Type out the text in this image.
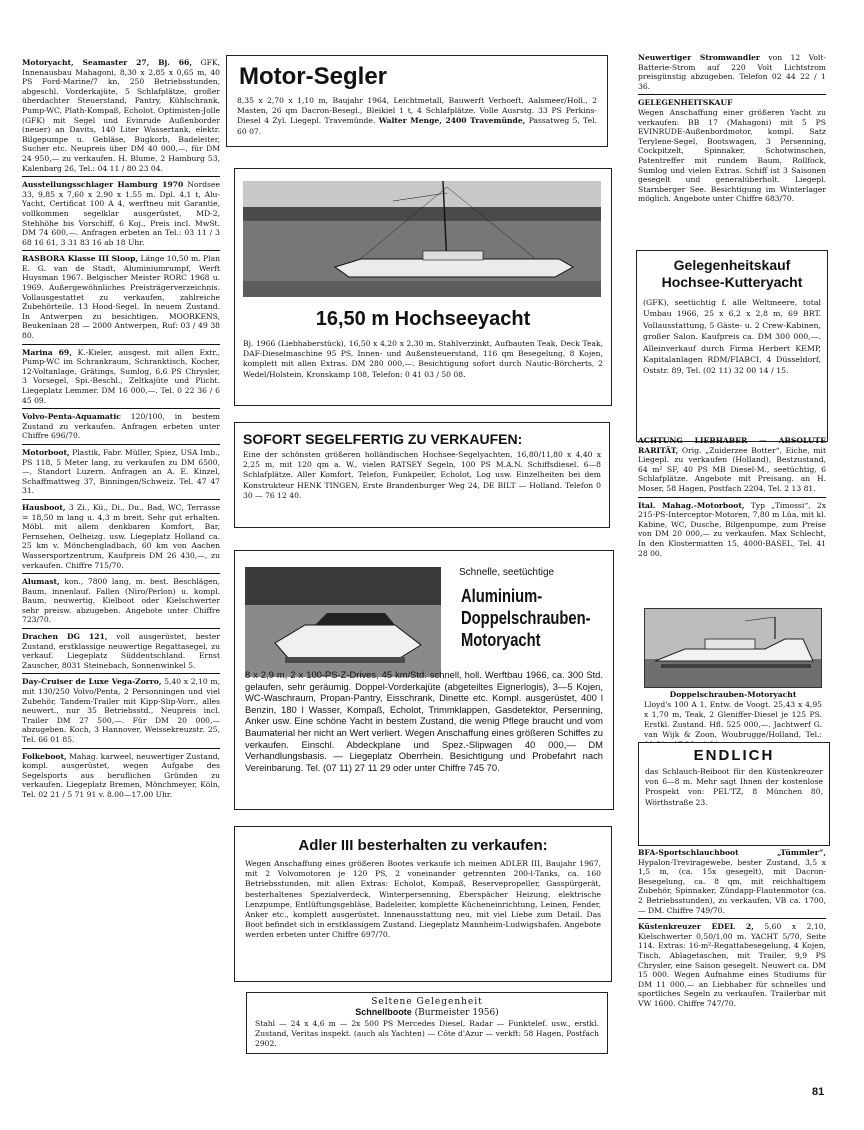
Motoryacht, Seamaster 27, Bj. 66, GFK, Innenausbau Mahagoni, 8,30 x 2,85 x 0,65 m, 40 PS Ford-Marine/7 kn, 250 Betriebsstunden, abgeschl. Vorderkajüte, 5 Schlafplätze, großer überdachter Steuerstand, Pantry, Kühlschrank, Pump-WC, Plath-Kompaß, Echolot. Optimisten-Jolle (GFK) mit Segel und Evinrude Außenborder (neuer) an Davits, 140 Liter Wassertank, elektr. Bilgepumpe u. Gebläse, Bugkorb, Badeleiter, Sucher etc. Neupreis über DM 40 000,—, für DM 24 950,— zu verkaufen. H. Blume, 2 Hamburg 53, Kalenbarg 26, Tel.: 04 11 / 80 23 04.

Ausstellungsschlager Hamburg 1970 Nordsee 33, 9,85 x 7,60 x 2,90 x 1,55 m. Dpl. 4,1 t, Alu-Yacht, Certificat 100 A 4, werftneu mit Garantie, vollkommen segelklar ausgerüstet, MD-2, Stehhöhe bis Vorschiff, 6 Koj., Preis incl. MwSt. DM 74 600,—. Anfragen erbeten an Tel.: 03 11 / 3 68 16 61, 3 31 83 16 ab 18 Uhr.

RASBORA Klasse III Sloop, Länge 10,50 m. Plan E. G. van de Stadt, Aluminiumrumpf, Werft Huysman 1967. Belgischer Meister RORC 1968 u. 1969. Außergewöhnliches Preisträgerverzeichnis. Vollausgestattet zu verkaufen, zahlreiche Zubehörteile. 13 Hood-Segel. In neuem Zustand. In Antwerpen zu besichtigen. MOORKENS, Beukenlaan 28 — 2000 Antwerpen, Ruf: 03 / 49 38 80.

Marina 69, K.-Kieler, ausgest. mit allen Extr., Pump-WC im Schrankraum, Schranktisch, Kocher, 12-Voltanlage, Grätings, Sumlog, 6,6 PS Chrysler, 3 Vorsegel, Spi.-Beschl., Zeltkajüte und Plicht. Liegeplatz Lemmer. DM 16 000,—. Tel. 0 22 36 / 6 45 09.

Volvo-Penta-Aquamatic 120/100, in bestem Zustand zu verkaufen. Anfragen erbeten unter Chiffre 696/70.

Motorboot, Plastik, Fabr. Müller, Spiez, USA Imb., PS 118, 5 Meter lang, zu verkaufen zu DM 6500,—, Standort Luzern. Anfragen an A. E. Kinzel, Schaffmattweg 37, Binningen/Schweiz. Tel. 47 47 31.

Hausboot, 3 Zi., Kü., Di., Du., Bad, WC, Terrasse = 18,50 m lang u. 4,3 m breit. Sehr gut erhalten. Möbl. mit allem denkbaren Komfort, Bar, Fernsehen, Oelheizg. usw. Liegeplatz Holland ca. 25 km v. Mönchengladbach, 60 km von Aachen Wassersportzentrum, Kaufpreis DM 26 430,—, zu verkaufen. Chiffre 715/70.

Alumast, kon., 7800 lang, m. best. Beschlägen, Baum, innenlauf. Fallen (Niro/Perlon) u. kompl. Baum, neuwertig, Kielboot oder Kielschwerter sehr preisw. abzugeben. Angebote unter Chiffre 723/70.

Drachen DG 121, voll ausgerüstet, bester Zustand, erstklassige neuwertige Regattasegel, zu verkauf. Liegeplatz Süddeutschland. Ernst Zauscher, 8031 Steinebach, Sonnenwinkel 5.

Day-Cruiser de Luxe Vega-Zorro, 5,40 x 2,10 m, mit 130/250 Volvo/Penta, 2 Personningen und viel Zubehör, Tandem-Trailer mit Kipp-Slip-Vorr., alles neuwert., nur 35 Betriebsstd., Neupreis incl. Trailer DM 27 500,—. Für DM 20 000,— abzugeben. Koch, 3 Hannover, Weissekreuzstr. 25, Tel. 66 01 85.

Folkeboot, Mahag. karweel, neuwertiger Zustand, kompl. ausgerüstet, wegen Aufgabe des Segelsports aus beruflichen Gründen zu verkaufen. Liegeplatz Bremen, Mönchmeyer, Köln, Tel. 02 21 / 5 71 91 v. 8.00—17.00 Uhr.

Neuwertiger Stromwandler von 12 Volt-Batterie-Strom auf 220 Volt Lichtstrom preisgünstig abzugeben. Telefon 02 44 22 / 1 36.

GELEGENHEITSKAUF
Wegen Anschaffung einer größeren Yacht zu verkaufen: BB 17 (Mahagoni) mit 5 PS EVINRUDE-Außenbordmotor, kompl. Satz Terylene-Segel, Bootswagen, 3 Persenning, Cockpitzelt, Spinnaker, Schotwinschen, Patentreffer mit rundem Baum, Rollfock, Sumlog und vielen Extras. Schiff ist 3 Saisonen gesegelt und generalüberholt. Liegepl. Starnberger See. Besichtigung im Winterlager möglich. Angebote unter Chiffre 683/70.

Gelegenheitskauf
Hochsee-Kutteryacht
(GFK), seetüchtig f. alle Weltmeere, total Umbau 1966, 25 x 6,2 x 2,8 m, 69 BRT. Vollausstattung, 5 Gäste- u. 2 Crew-Kabinen, großer Salon. Kaufpreis ca. DM 300 000,—. Alleinverkauf durch Firma Herbert KEMP, Kapitalanlagen RDM/FIABCI, 4 Düsseldorf, Oststr. 89, Tel. (02 11) 32 00 14 / 15.

ACHTUNG LIEBHABER — ABSOLUTE RARITÄT, Orig. „Zuiderzee Botter“, Eiche, mit Liegepl. zu verkaufen (Holland), Bestzustand, 64 m² SF, 40 PS MB Diesel-M., seetüchtig, 6 Schlafplätze. Angebote mit Preisang. an H. Moser, 58 Hagen, Postfach 2204, Tel. 2 13 81.

Ital. Mahag.-Motorboot, Typ „Timossi“, 2x 215-PS-Interceptor-Motoren, 7,80 m Lüa, mit kl. Kabine, WC, Dusche, Bilgenpumpe, zum Preise von DM 20 000,— zu verkaufen. Max Schlecht, In den Klostermatten 15, 4000-BASEL, Tel. 41 28 00.

Doppelschrauben-Motoryacht
Lloyd's 100 A 1, Entw. de Voogt. 25,43 x 4,95 x 1,70 m, Teak, 2 Gleniffer-Diesel je 125 PS. Erstkl. Zustand. Hfl. 525 000,—. Jachtwerf G. van Wijk & Zoon, Woubrugge/Holland, Tel.:
ENDLICH
das Schlauch-Beiboot für den Küstenkreuzer von 6—8 m. Mehr sagt Ihnen der kostenlose Prospekt von: PEL'TZ, 8 München 80, Wörthstraße 23.

BFA-Sportschlauchboot „Tümmler“, Hypalon-Treviragewebe, bester Zustand, 3,5 x 1,5 m, (ca. 15x gesegelt), mit Dacron-Besegelung, ca. 8 qm, mit reichhaltigem Zubehör, Spinnaker, Zündapp-Flautenmotor (ca. 2 Betriebsstunden), zu verkaufen, VB ca. 1700,— DM. Chiffre 749/70.

Küstenkreuzer EDEL 2, 5,60 x 2,10, Kielschwerter 0,50/1,00 m. YACHT 5/70, Seite 114. Extras: 16-m²-Regattabesegelung, 4 Kojen, Tisch, Ablagetaschen, mit Trailer, 9,9 PS Chrysler, eine Saison gesegelt. Neuwert ca. DM 15 000. Wegen Aufnahme eines Studiums für DM 11 000,— an Liebhaber für schnelles und sportliches Segeln zu verkaufen. Trailerbar mit VW 1600. Chiffre 747/70.

Motor-Segler
8,35 x 2,70 x 1,10 m, Baujahr 1964, Leichtmetall, Bauwerft Verhoeft, Aalsmeer/Holl., 2 Masten, 26 qm Dacron-Besegl., Bleikiel 1 t, 4 Schlafplätze. Volle Ausrstg. 33 PS Perkins-Diesel 4 Zyl. Liegepl. Travemünde. Walter Menge, 2400 Travemünde, Passatweg 5, Tel. 60 07.
16,50 m Hochseeyacht
Bj. 1966 (Liebhaberstück), 16,50 x 4,20 x 2,30 m, Stahlverzinkt, Aufbauten Teak, Deck Teak, DAF-Dieselmaschine 95 PS, Innen- und Außensteuerstand, 116 qm Besegelung, 8 Kojen, komplett mit allen Extras. DM 280 000,—. Besichtigung sofort durch Nautic-Börcherts, 2 Wedel/Holstein, Kronskamp 108, Telefon: 0 41 03 / 50 08.
SOFORT SEGELFERTIG ZU VERKAUFEN:
Eine der schönsten größeren holländischen Hochsee-Segelyachten, 16,80/11,80 x 4,40 x 2,25 m, mit 120 qm a. W., vielen RATSEY Segeln, 100 PS M.A.N. Schiffsdiesel. 6—8 Schlafplätze. Aller Komfort, Telefon, Funkpeiler, Echolot, Log usw. Einzelheiten bei dem Konstrukteur HENK TINGEN, Erste Brandenburger Weg 24, DE BILT — Holland. Telefon 0 30 — 76 12 40.
Schnelle, seetüchtige
Aluminium-
Doppelschrauben-
Motoryacht
8 x 2,9 m, 2 x 100-PS-Z-Drives, 45 km/Std. schnell, holl. Werftbau 1966, ca. 300 Std. gelaufen, sehr geräumig. Doppel-Vorderkajüte (abgeteiltes Eignerlogis), 3—5 Kojen, WC-Waschraum, Propan-Pantry, Eisschrank, Dinette etc. Kompl. ausgerüstet, 400 l Benzin, 180 l Wasser, Kompaß, Echolot, Trimmklappen, Gasdetektor, Persenning, Anker usw. Eine schöne Yacht in bestem Zustand, die wenig Pflege braucht und vom Baumaterial her nicht an Wert verliert. Wegen Anschaffung eines größeren Schiffes zu verkaufen. Einschl. Abdeckplane und Spez.-Slipwagen 40 000,— DM Verhandlungsbasis. — Liegeplatz Oberrhein. Besichtigung und Probefahrt nach Vereinbarung. Tel. (07 11) 27 11 29 oder unter Chiffre 745 70.
Adler III besterhalten zu verkaufen:
Wegen Anschaffung eines größeren Bootes verkaufe ich meinen ADLER III, Baujahr 1967, mit 2 Volvomotoren je 120 PS, 2 voneinander getrennten 200-l-Tanks, ca. 160 Betriebsstunden, mit allen Extras: Echolot, Kompaß, Reservepropeller, Gasspürgerät, besterhaltenes Spezialverdeck, Winterpersenning, Eberspächer Heizung, elektrische Lenzpumpe, Entlüftungsgebläse, Badeleiter, komplette Kücheneinrichtung, Leinen, Fender, Anker etc., komplett ausgerüstet. Innenausstattung neu, mit viel Liebe zum Detail. Das Boot befindet sich in erstklassigem Zustand. Liegeplatz Mannheim-Ludwigshafen. Angebote werden erbeten unter Chiffre 697/70.
Seltene Gelegenheit
Schnellboote (Burmeister 1956)
Stahl — 24 x 4,6 m — 2x 500 PS Mercedes Diesel, Radar — Funktelef. usw., erstkl. Zustand, Veritas inspekt. (auch als Yachten) — Côte d'Azur — verkft: 58 Hagen, Postfach 2902.
81
